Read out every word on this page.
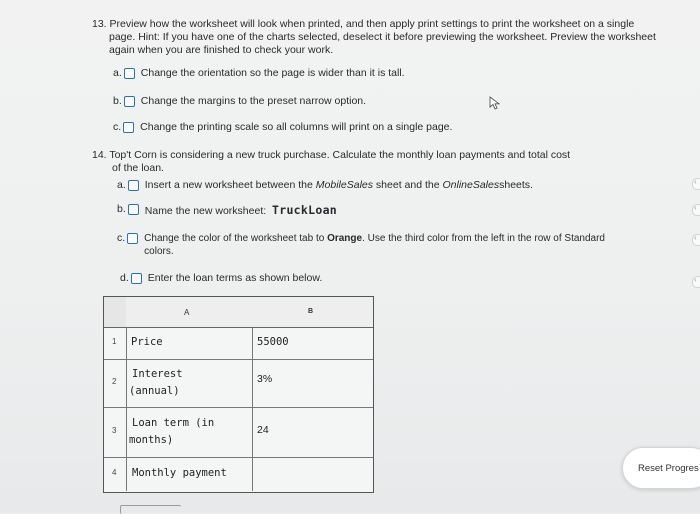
13. Preview how the worksheet will look when printed, and then apply print settings to print the worksheet on a single
page. Hint: If you have one of the charts selected, deselect it before previewing the worksheet. Preview the worksheet
again when you are finished to check your work.
a. Change the orientation so the page is wider than it is tall.
b. Change the margins to the preset narrow option.
c. Change the printing scale so all columns will print on a single page.
14. Top't Corn is considering a new truck purchase. Calculate the monthly loan payments and total cost
of the loan.
a. Insert a new worksheet between the MobileSales sheet and the OnlineSalessheets.
b. Name the new worksheet: TruckLoan
c. Change the color of the worksheet tab to Orange. Use the third color from the left in the row of Standard
colors.
d. Enter the loan terms as shown below.
A	B
1 Price	55000
2
Interest
(annual)
3%
3
Loan term (in
months)
24
4 Monthly payment
‹
‹
‹
‹
Reset Progres
